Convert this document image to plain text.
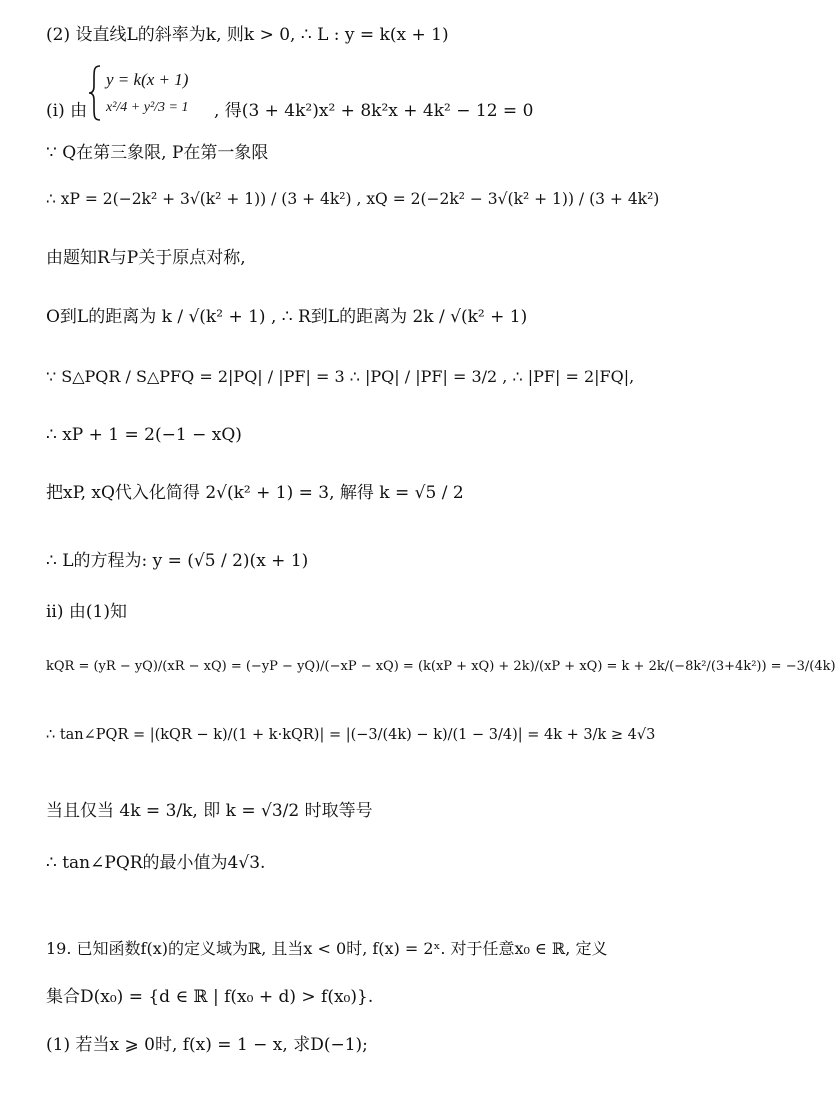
(2) 设直线L的斜率为k, 则k > 0, ∴ L : y = k(x + 1)
y = k(x + 1)
(i) 由 x²/4 + y²/3 = 1 , 得(3 + 4k²)x² + 8k²x + 4k² − 12 = 0
∵ Q在第三象限, P在第一象限
∴ xP = 2(−2k² + 3√(k² + 1)) / (3 + 4k²) , xQ = 2(−2k² − 3√(k² + 1)) / (3 + 4k²)
由题知R与P关于原点对称,
O到L的距离为 k / √(k² + 1) , ∴ R到L的距离为 2k / √(k² + 1)
∵ S△PQR / S△PFQ = 2|PQ| / |PF| = 3 ∴ |PQ| / |PF| = 3/2 , ∴ |PF| = 2|FQ|,
∴ xP + 1 = 2(−1 − xQ)
把xP, xQ代入化简得 2√(k² + 1) = 3, 解得 k = √5 / 2
∴ L的方程为: y = (√5 / 2)(x + 1)
ii) 由(1)知
kQR = (yR − yQ)/(xR − xQ) = (−yP − yQ)/(−xP − xQ) = (k(xP + xQ) + 2k)/(xP + xQ) = k + 2k/(−8k²/(3+4k²)) = −3/(4k)
∴ tan∠PQR = |(kQR − k)/(1 + k·kQR)| = |(−3/(4k) − k)/(1 − 3/4)| = 4k + 3/k ≥ 4√3
当且仅当 4k = 3/k, 即 k = √3/2 时取等号
∴ tan∠PQR的最小值为4√3.
19. 已知函数f(x)的定义域为ℝ, 且当x < 0时, f(x) = 2ˣ. 对于任意x₀ ∈ ℝ, 定义
集合D(x₀) = {d ∈ ℝ | f(x₀ + d) > f(x₀)}.
(1) 若当x ⩾ 0时, f(x) = 1 − x, 求D(−1);
